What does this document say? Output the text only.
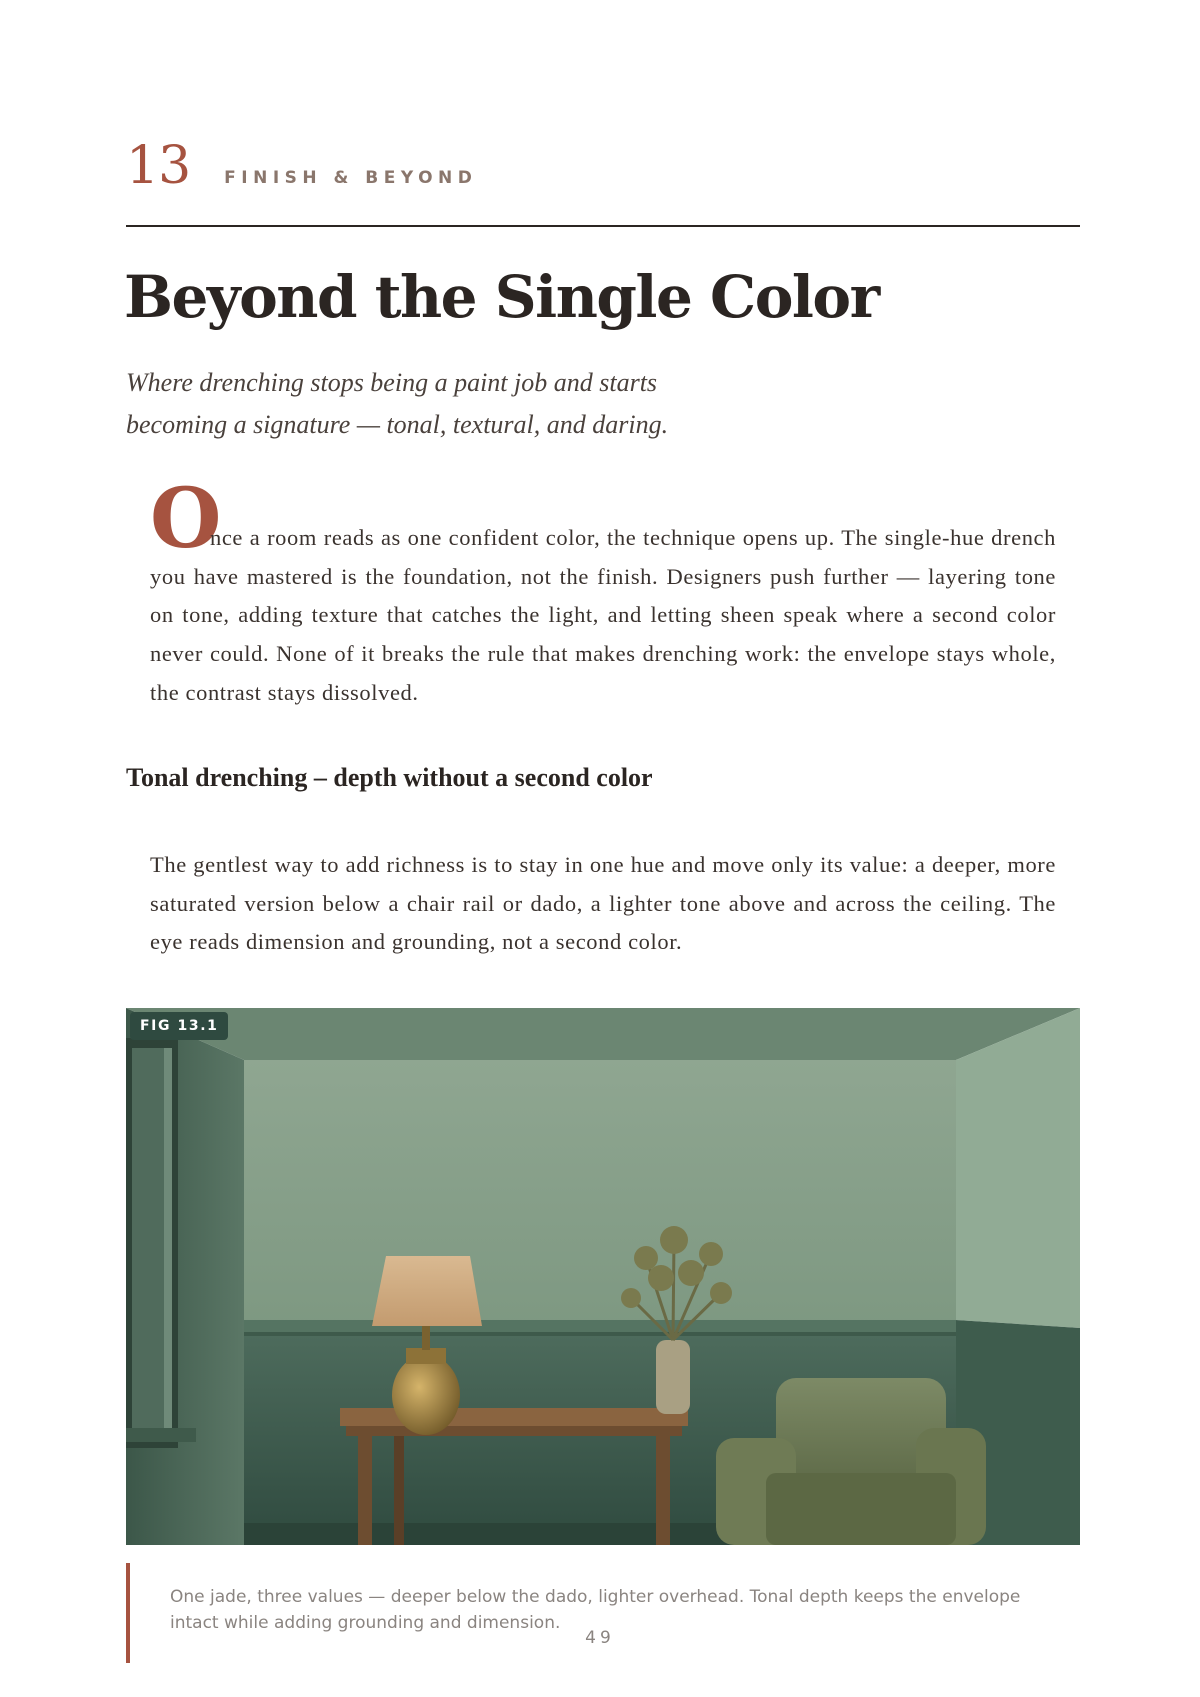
13 FINISH & BEYOND
Beyond the Single Color

Where drenching stops being a paint job and starts becoming a signature — tonal, textural, and daring.

O

nce a room reads as one confident color, the technique opens up. The single-hue drench you have mastered is the foundation, not the finish. Designers push further — layering tone on tone, adding texture that catches the light, and letting sheen speak where a second color never could. None of it breaks the rule that makes drenching work: the envelope stays whole, the contrast stays dissolved.

Tonal drenching – depth without a second color

The gentlest way to add richness is to stay in one hue and move only its value: a deeper, more saturated version below a chair rail or dado, a lighter tone above and across the ceiling. The eye reads dimension and grounding, not a second color.

FIG 13.1

One jade, three values — deeper below the dado, lighter overhead. Tonal depth keeps the envelope intact while adding grounding and dimension.

49
